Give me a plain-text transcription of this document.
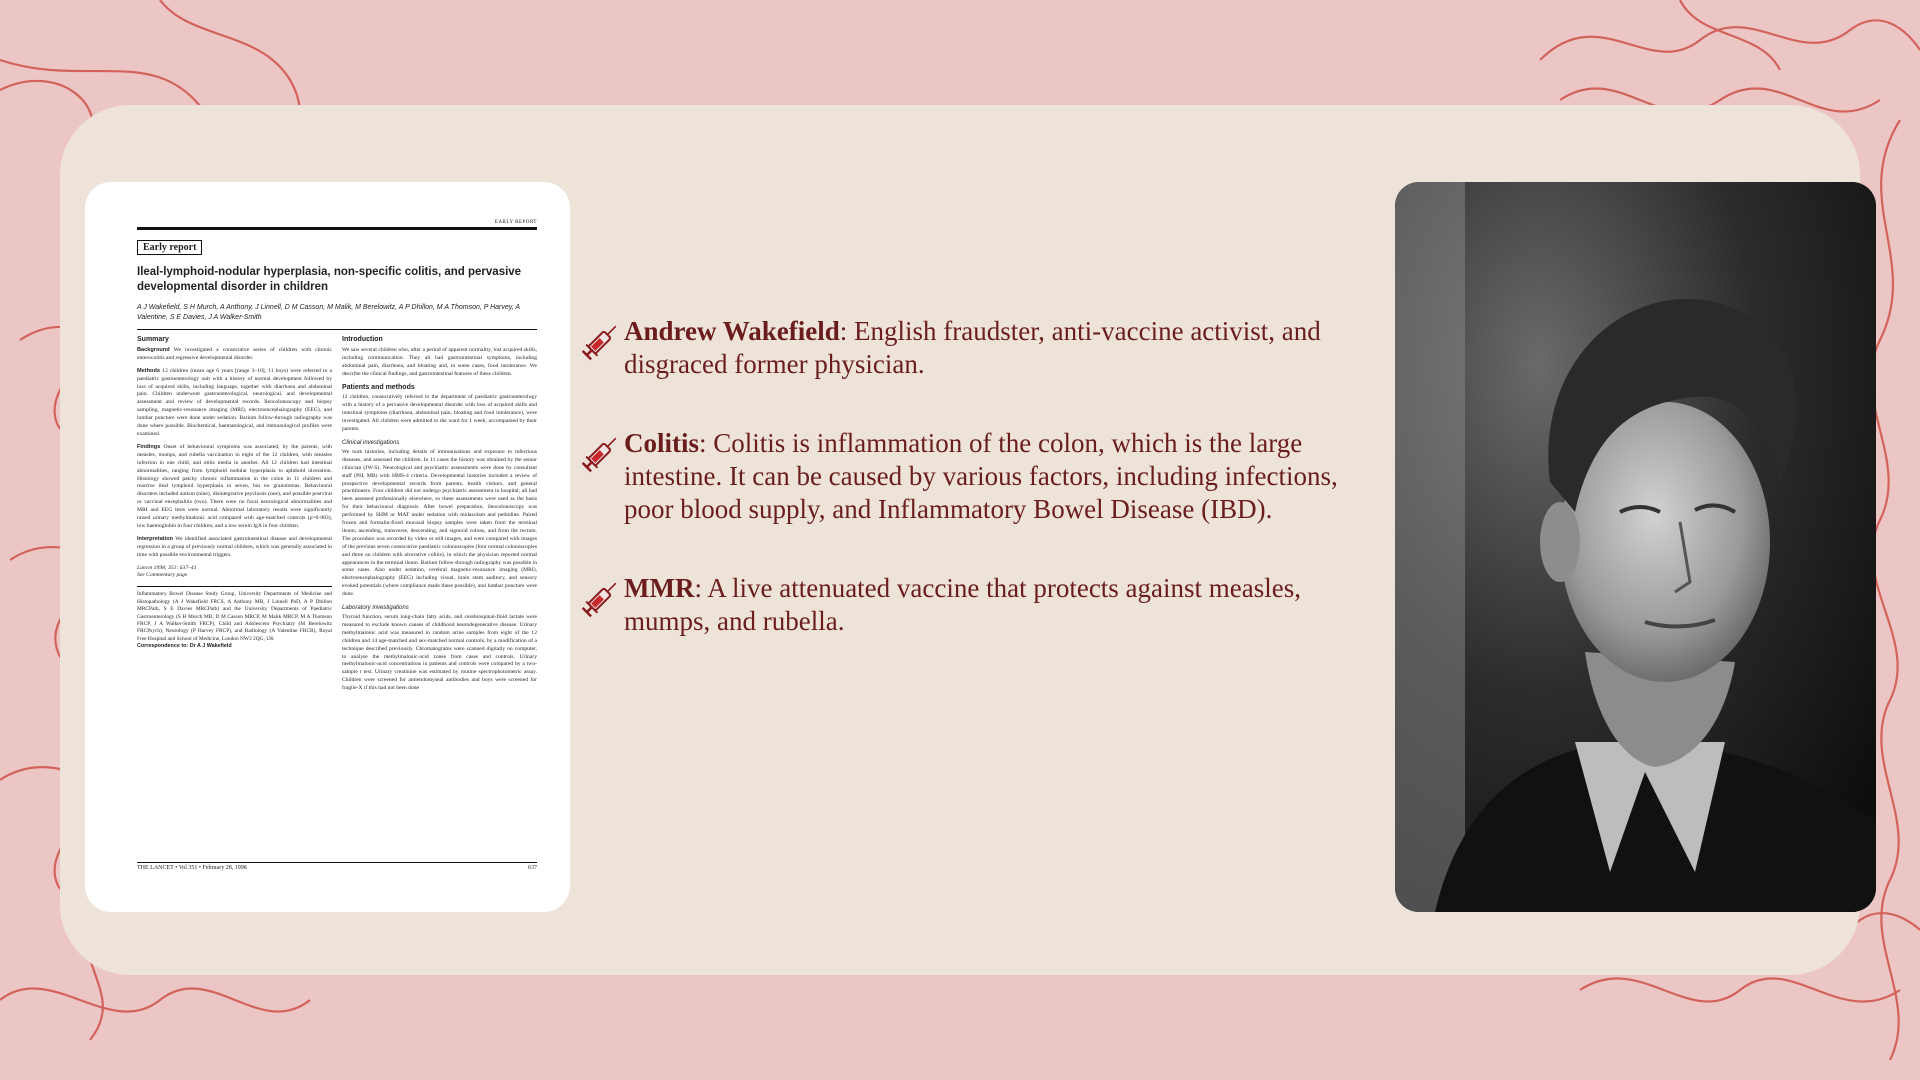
EARLY REPORT
Early report
Ileal-lymphoid-nodular hyperplasia, non-specific colitis, and pervasive developmental disorder in children
A J Wakefield, S H Murch, A Anthony, J Linnell, D M Casson, M Malik, M Berelowitz, A P Dhillon, M A Thomson, P Harvey, A Valentine, S E Davies, J A Walker-Smith
Summary

Background We investigated a consecutive series of children with chronic enterocolitis and regressive developmental disorder.

Methods 12 children (mean age 6 years [range 3–10], 11 boys) were referred to a paediatric gastroenterology unit with a history of normal development followed by loss of acquired skills, including language, together with diarrhoea and abdominal pain. Children underwent gastroenterological, neurological, and developmental assessment and review of developmental records. Ileocolonoscopy and biopsy sampling, magnetic-resonance imaging (MRI), electroencephalography (EEG), and lumbar puncture were done under sedation. Barium follow-through radiography was done where possible. Biochemical, haematological, and immunological profiles were examined.

Findings Onset of behavioural symptoms was associated, by the parents, with measles, mumps, and rubella vaccination in eight of the 12 children, with measles infection in one child, and otitis media in another. All 12 children had intestinal abnormalities, ranging from lymphoid nodular hyperplasia to aphthoid ulceration. Histology showed patchy chronic inflammation in the colon in 11 children and reactive ileal lymphoid hyperplasia in seven, but no granulomas. Behavioural disorders included autism (nine), disintegrative psychosis (one), and possible postviral or vaccinal encephalitis (two). There were no focal neurological abnormalities and MRI and EEG tests were normal. Abnormal laboratory results were significantly raised urinary methylmalonic acid compared with age-matched controls (p=0·003), low haemoglobin in four children, and a low serum IgA in four children.

Interpretation We identified associated gastrointestinal disease and developmental regression in a group of previously normal children, which was generally associated in time with possible environmental triggers.

Lancet 1998; 351: 637–41
See Commentary page

Inflammatory Bowel Disease Study Group, University Departments of Medicine and Histopathology (A J Wakefield FRCS, A Anthony MB, J Linnell PhD, A P Dhillon MRCPath, S E Davies MRCPath) and the University Departments of Paediatric Gastroenterology (S H Murch MB, D M Casson MRCP, M Malik MRCP, M A Thomson FRCP, J A Walker-Smith FRCP), Child and Adolescent Psychiatry (M Berelowitz FRCPsych), Neurology (P Harvey FRCP), and Radiology (A Valentine FRCR), Royal Free Hospital and School of Medicine, London NW3 2QG, UK
Correspondence to: Dr A J Wakefield
Introduction

We saw several children who, after a period of apparent normality, lost acquired skills, including communication. They all had gastrointestinal symptoms, including abdominal pain, diarrhoea, and bloating and, in some cases, food intolerance. We describe the clinical findings, and gastrointestinal features of these children.

Patients and methods

12 children, consecutively referred to the department of paediatric gastroenterology with a history of a pervasive developmental disorder with loss of acquired skills and intestinal symptoms (diarrhoea, abdominal pain, bloating and food intolerance), were investigated. All children were admitted to the ward for 1 week, accompanied by their parents.

Clinical investigations

We took histories, including details of immunisations and exposure to infectious diseases, and assessed the children. In 11 cases the history was obtained by the senior clinician (JW-S). Neurological and psychiatric assessments were done by consultant staff (PH, MB) with HMS-4 criteria. Developmental histories included a review of prospective developmental records from parents, health visitors, and general practitioners. Four children did not undergo psychiatric assessment in hospital; all had been assessed professionally elsewhere, so these assessments were used as the basis for their behavioural diagnosis. After bowel preparation, ileocolonoscopy was performed by SHM or MAT under sedation with midazolam and pethidine. Paired frozen and formalin-fixed mucosal biopsy samples were taken from the terminal ileum; ascending, transverse, descending, and sigmoid colons, and from the rectum. The procedure was recorded by video or still images, and were compared with images of the previous seven consecutive paediatric colonoscopies (four normal colonoscopies and three on children with ulcerative colitis), in which the physician reported normal appearances in the terminal ileum. Barium follow-through radiography was possible in some cases. Also under sedation, cerebral magnetic-resonance imaging (MRI), electroencephalography (EEG) including visual, brain stem auditory, and sensory evoked potentials (where compliance made these possible), and lumbar puncture were done.

Laboratory investigations

Thyroid function, serum long-chain fatty acids, and cerebrospinal-fluid lactate were measured to exclude known causes of childhood neurodegenerative disease. Urinary methylmalonic acid was measured in random urine samples from eight of the 12 children and 14 age-matched and sex-matched normal controls, by a modification of a technique described previously. Chromatograms were scanned digitally on computer, to analyse the methylmalonic-acid zones from cases and controls. Urinary methylmalonic-acid concentrations in patients and controls were compared by a two-sample t test. Urinary creatinine was estimated by routine spectrophotometric assay. Children were screened for antiendomyseal antibodies and boys were screened for fragile-X if this had not been done

THE LANCET • Vol 351 • February 28, 1998	637

Andrew Wakefield: English fraudster, anti-vaccine activist, and disgraced former physician.

Colitis: Colitis is inflammation of the colon, which is the large intestine. It can be caused by various factors, including infections, poor blood supply, and Inflammatory Bowel Disease (IBD).

MMR: A live attenuated vaccine that protects against measles, mumps, and rubella.
